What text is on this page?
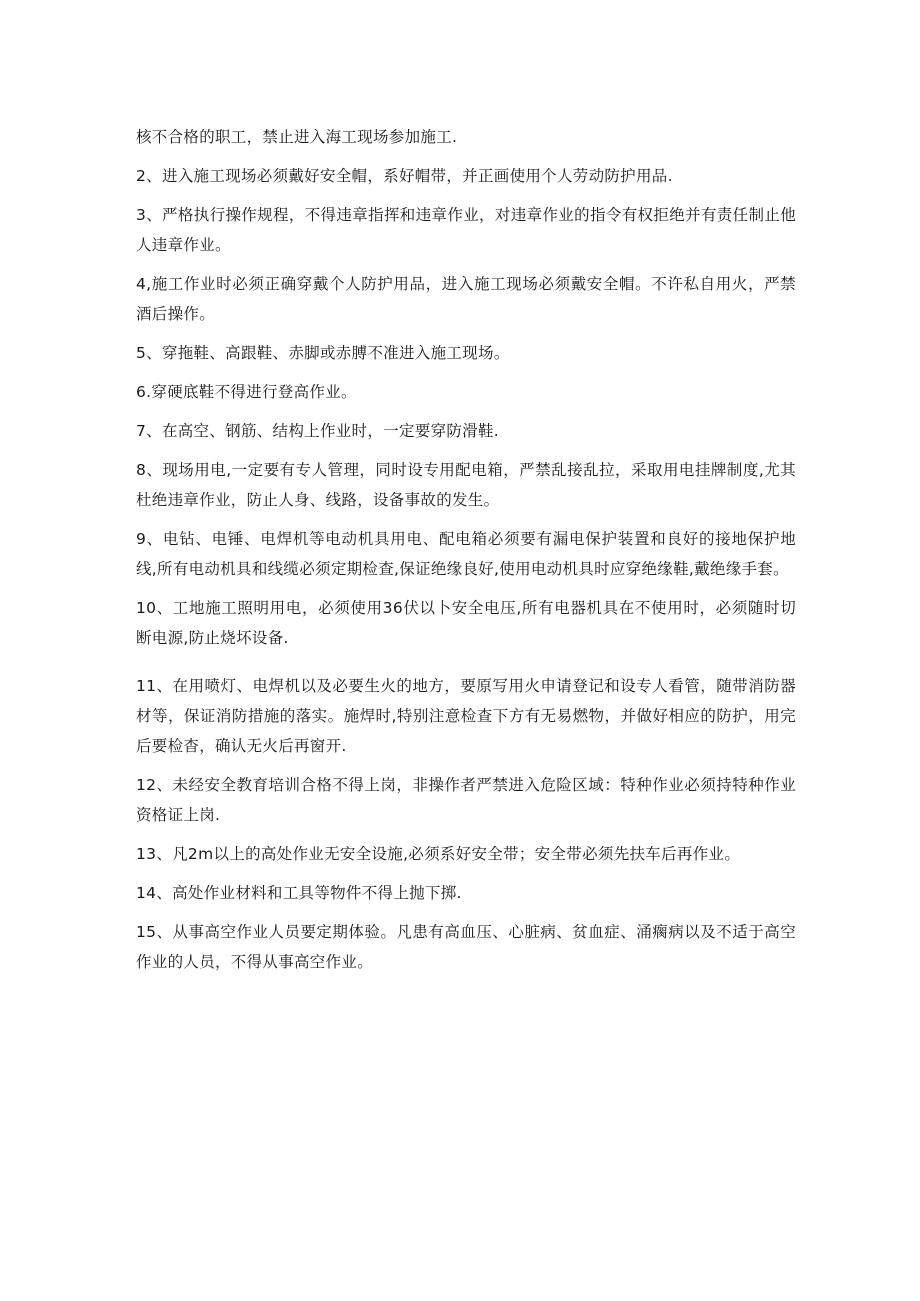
核不合格的职工，禁止进入海工现场参加施工.

2、进入施工现场必须戴好安全帽，系好帽带，并正画使用个人劳动防护用品.

3、严格执行操作规程，不得违章指挥和违章作业，对违章作业的指令有权拒绝并有责任制止他人违章作业。

4,施工作业时必须正确穿戴个人防护用品，进入施工现场必须戴安全帽。不许私自用火，严禁酒后操作。

5、穿拖鞋、高跟鞋、赤脚或赤膊不准进入施工现场。

6.穿硬底鞋不得进行登高作业。

7、在高空、钢筋、结构上作业时，一定要穿防滑鞋.

8、现场用电,一定要有专人管理，同时设专用配电箱，严禁乱接乱拉，采取用电挂牌制度,尤其杜绝违章作业，防止人身、线路，设备事故的发生。

9、电钻、电锤、电焊机等电动机具用电、配电箱必须要有漏电保护装置和良好的接地保护地线,所有电动机具和线缆必须定期检查,保证绝缘良好,使用电动机具时应穿绝缘鞋,戴绝缘手套。

10、工地施工照明用电，必须使用36伏以卜安全电压,所有电器机具在不使用时，必须随时切断电源,防止烧坏设备.

11、在用喷灯、电焊机以及必要生火的地方，要原写用火申请登记和设专人看管，随带消防器材等，保证消防措施的落实。施焊时,特别注意检查下方有无易燃物，并做好相应的防护，用完后要检杳，确认无火后再窗开.

12、未经安全教育培训合格不得上岗，非操作者严禁进入危险区域：特种作业必须持特种作业资格证上岗.

13、凡2m以上的高处作业无安全设施,必须系好安全带；安全带必须先扶车后再作业。

14、高处作业材料和工具等物件不得上抛下掷.

15、从事高空作业人员要定期体验。凡患有高血压、心脏病、贫血症、涌瘸病以及不适于高空作业的人员，不得从事高空作业。
